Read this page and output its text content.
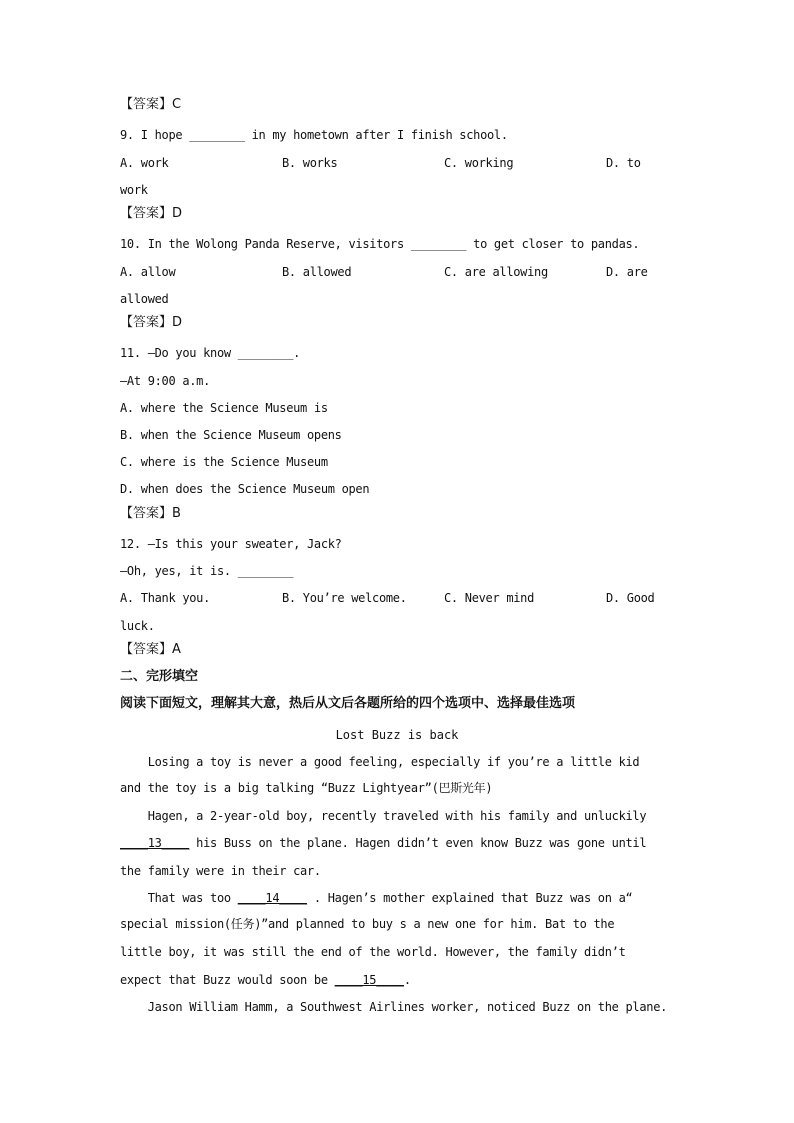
【答案】C
9. I hope ________ in my hometown after I finish school.
A. work	B. works	C. working	D. to
work
【答案】D
10. In the Wolong Panda Reserve, visitors ________ to get closer to pandas.
A. allow	B. allowed	C. are allowing	D. are
allowed
【答案】D
11. —Do you know ________.
—At 9:00 a.m.
A. where the Science Museum is
B. when the Science Museum opens
C. where is the Science Museum
D. when does the Science Museum open
【答案】B
12. —Is this your sweater, Jack?
—Oh, yes, it is. ________
A. Thank you.	B. You’re welcome.	C. Never mind	D. Good
luck.
【答案】A
二、完形填空
阅读下面短文，理解其大意，热后从文后各题所给的四个选项中、选择最佳选项
Lost Buzz is back
Losing a toy is never a good feeling, especially if you’re a little kid
and the toy is a big talking “Buzz Lightyear”(巴斯光年)
Hagen, a 2-year-old boy, recently traveled with his family and unluckily
____13____ his Buss on the plane. Hagen didn’t even know Buzz was gone until
the family were in their car.
That was too ____14____ . Hagen’s mother explained that Buzz was on a“
special mission(任务)”and planned to buy s a new one for him. Bat to the
little boy, it was still the end of the world. However, the family didn’t
expect that Buzz would soon be ____15____.
Jason William Hamm, a Southwest Airlines worker, noticed Buzz on the plane.
